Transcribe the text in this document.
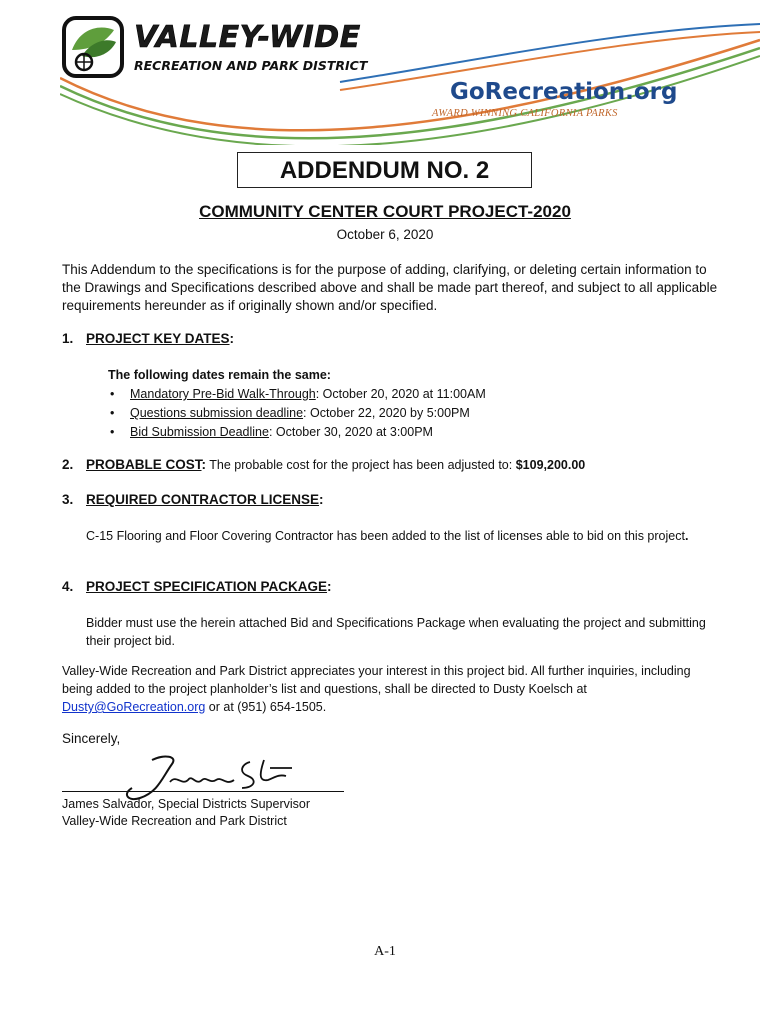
VALLEY-WIDE
RECREATION AND PARK DISTRICT
GoRecreation.org
AWARD WINNING CALIFORNIA PARKS
ADDENDUM NO. 2
COMMUNITY CENTER COURT PROJECT-2020
October 6, 2020
This Addendum to the specifications is for the purpose of adding, clarifying, or deleting certain information to the Drawings and Specifications described above and shall be made part thereof, and subject to all applicable requirements hereunder as if originally shown and/or specified.
1. PROJECT KEY DATES:
The following dates remain the same:
• Mandatory Pre-Bid Walk-Through: October 20, 2020 at 11:00AM
• Questions submission deadline: October 22, 2020 by 5:00PM
• Bid Submission Deadline: October 30, 2020 at 3:00PM
2. PROBABLE COST: The probable cost for the project has been adjusted to: $109,200.00
3. REQUIRED CONTRACTOR LICENSE:
C-15 Flooring and Floor Covering Contractor has been added to the list of licenses able to bid on this project.
4. PROJECT SPECIFICATION PACKAGE:
Bidder must use the herein attached Bid and Specifications Package when evaluating the project and submitting their project bid.
Valley-Wide Recreation and Park District appreciates your interest in this project bid. All further inquiries, including being added to the project planholder’s list and questions, shall be directed to Dusty Koelsch at Dusty@GoRecreation.org or at (951) 654-1505.
Sincerely,
James Salvador, Special Districts Supervisor
Valley-Wide Recreation and Park District
A-1
